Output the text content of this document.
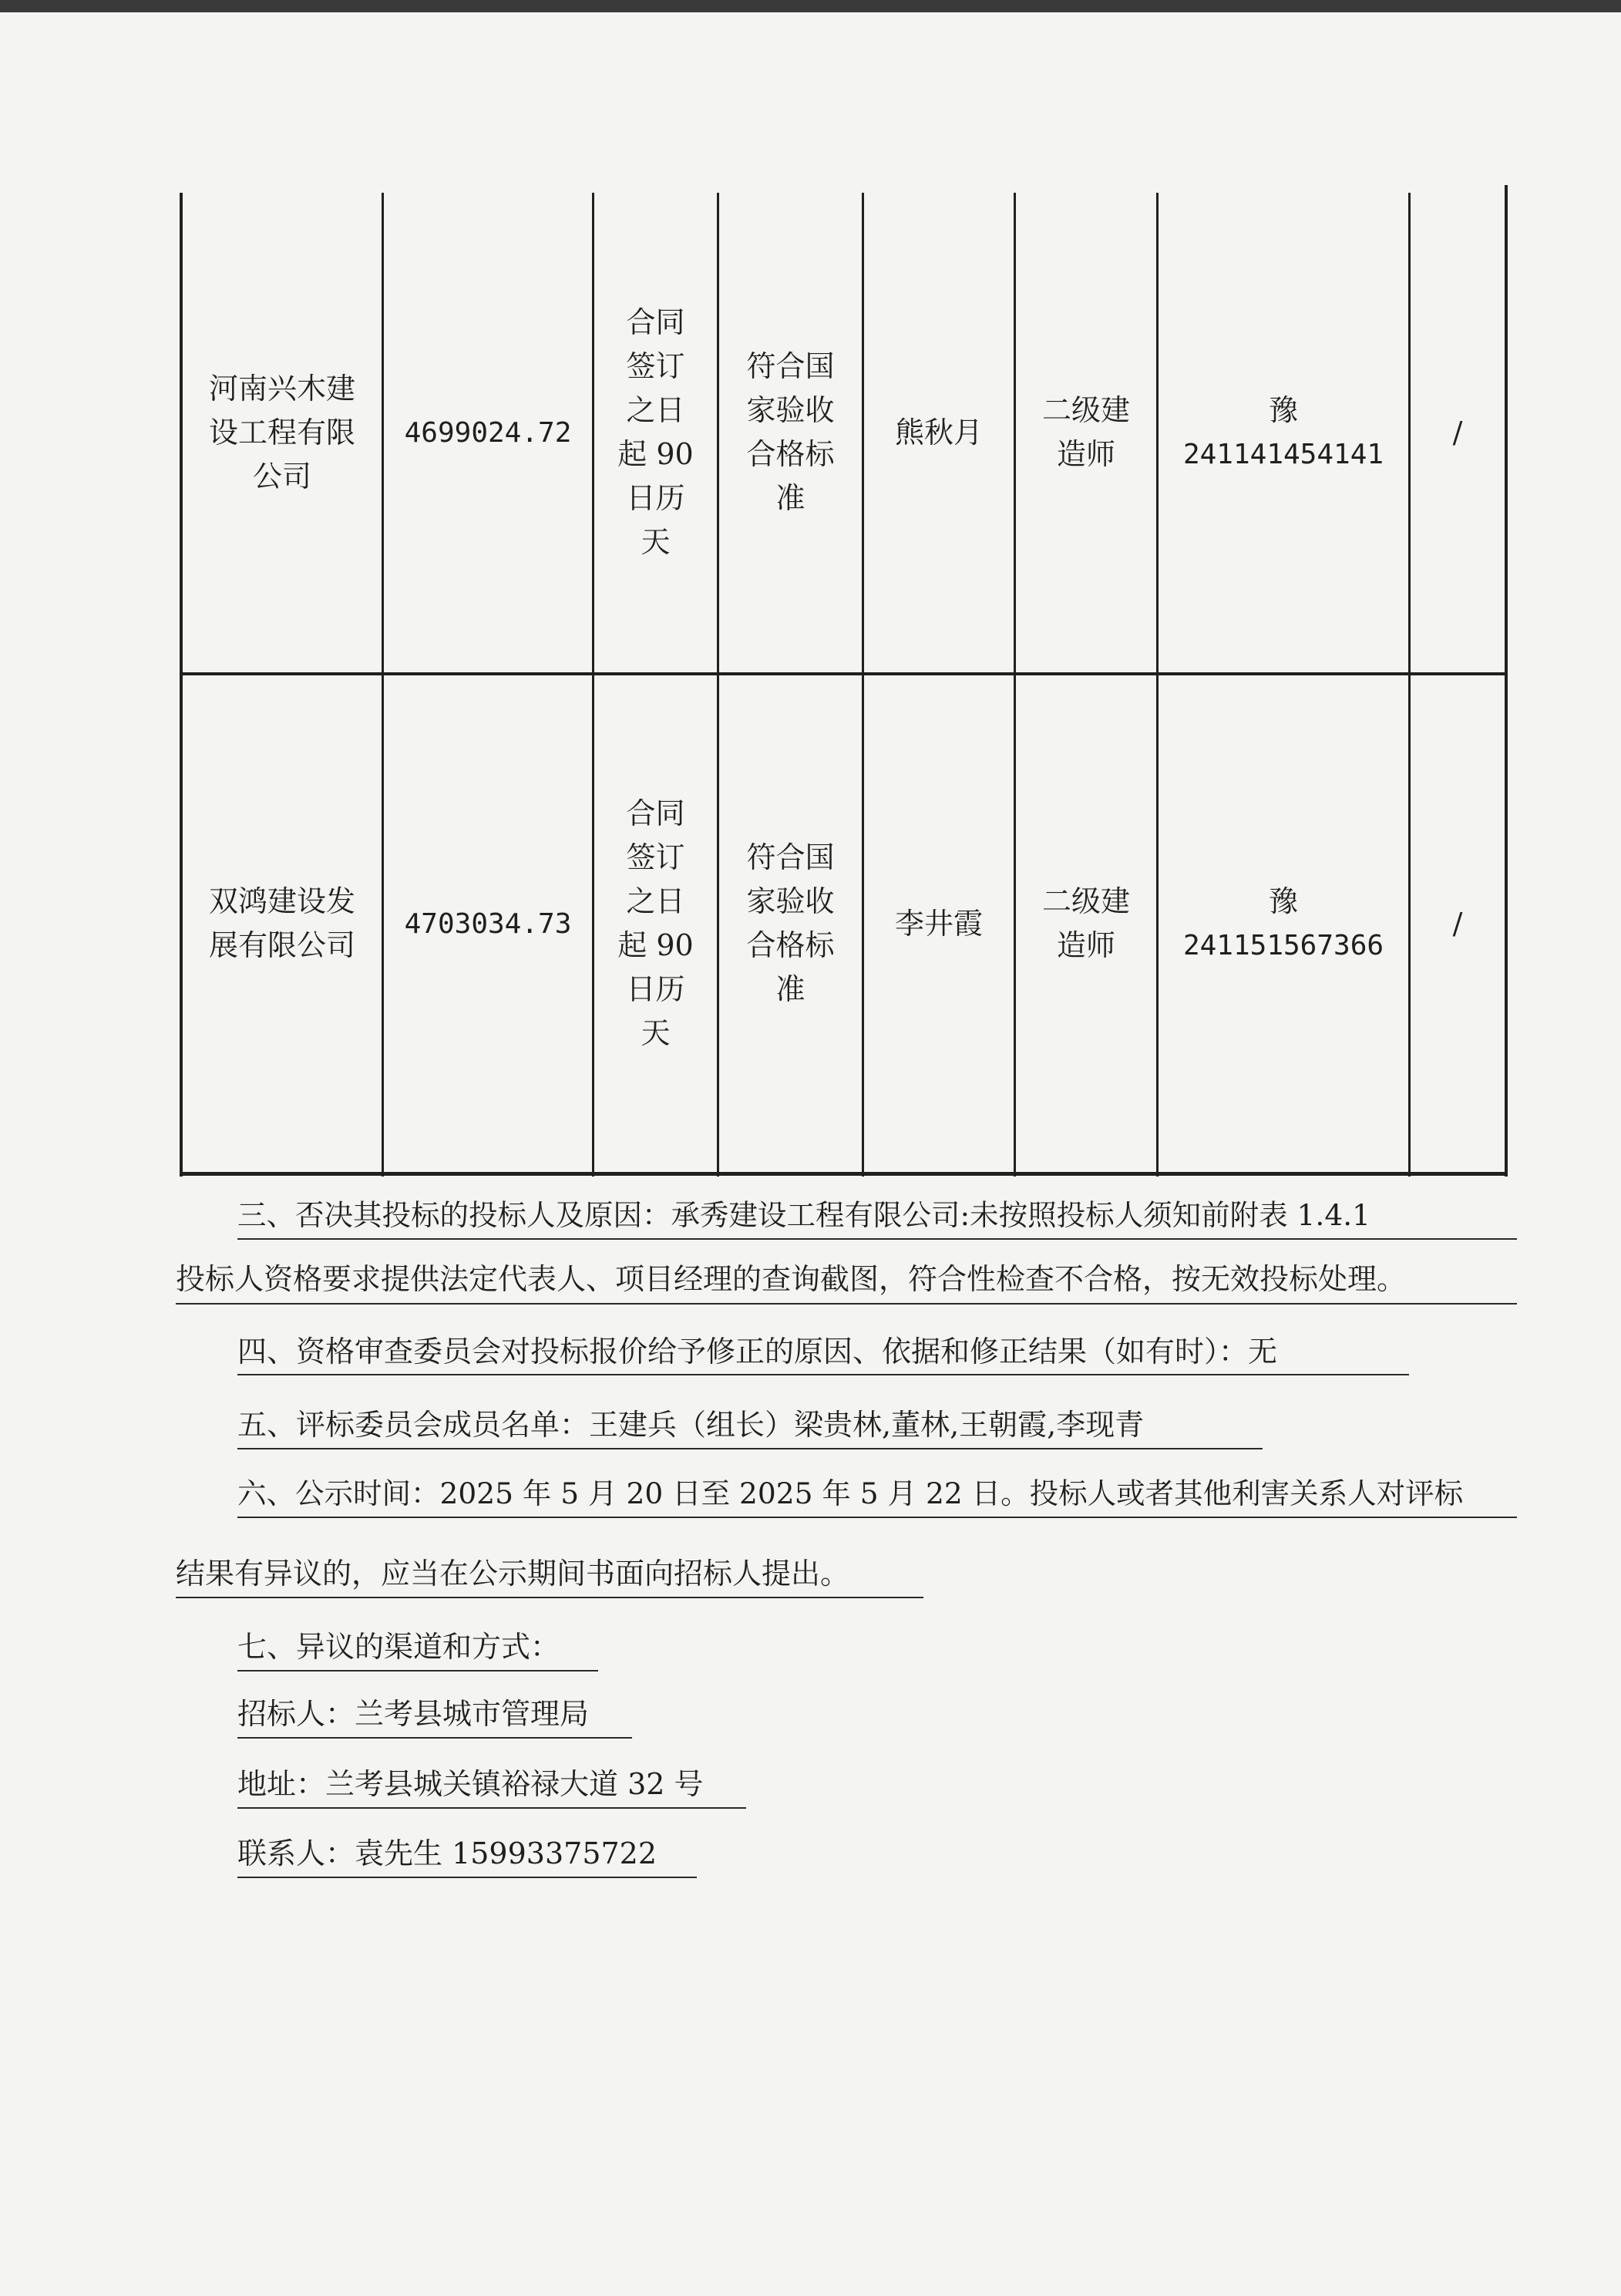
河南兴木建
设工程有限
公司
4699024.72
合同
签订
之日
起 90
日历
天
符合国
家验收
合格标
准
熊秋月
二级建
造师
豫
241141454141
/
双鸿建设发
展有限公司
4703034.73
合同
签订
之日
起 90
日历
天
符合国
家验收
合格标
准
李井霞
二级建
造师
豫
241151567366
/
三、否决其投标的投标人及原因：承秀建设工程有限公司:未按照投标人须知前附表 1.4.1
投标人资格要求提供法定代表人、项目经理的查询截图，符合性检查不合格，按无效投标处理。
四、资格审查委员会对投标报价给予修正的原因、依据和修正结果（如有时）：无
五、评标委员会成员名单：王建兵（组长）梁贵林,董林,王朝霞,李现青
六、公示时间：2025 年 5 月 20 日至 2025 年 5 月 22 日。投标人或者其他利害关系人对评标
结果有异议的，应当在公示期间书面向招标人提出。
七、异议的渠道和方式：
招标人：兰考县城市管理局
地址：兰考县城关镇裕禄大道 32 号
联系人：袁先生 15993375722
